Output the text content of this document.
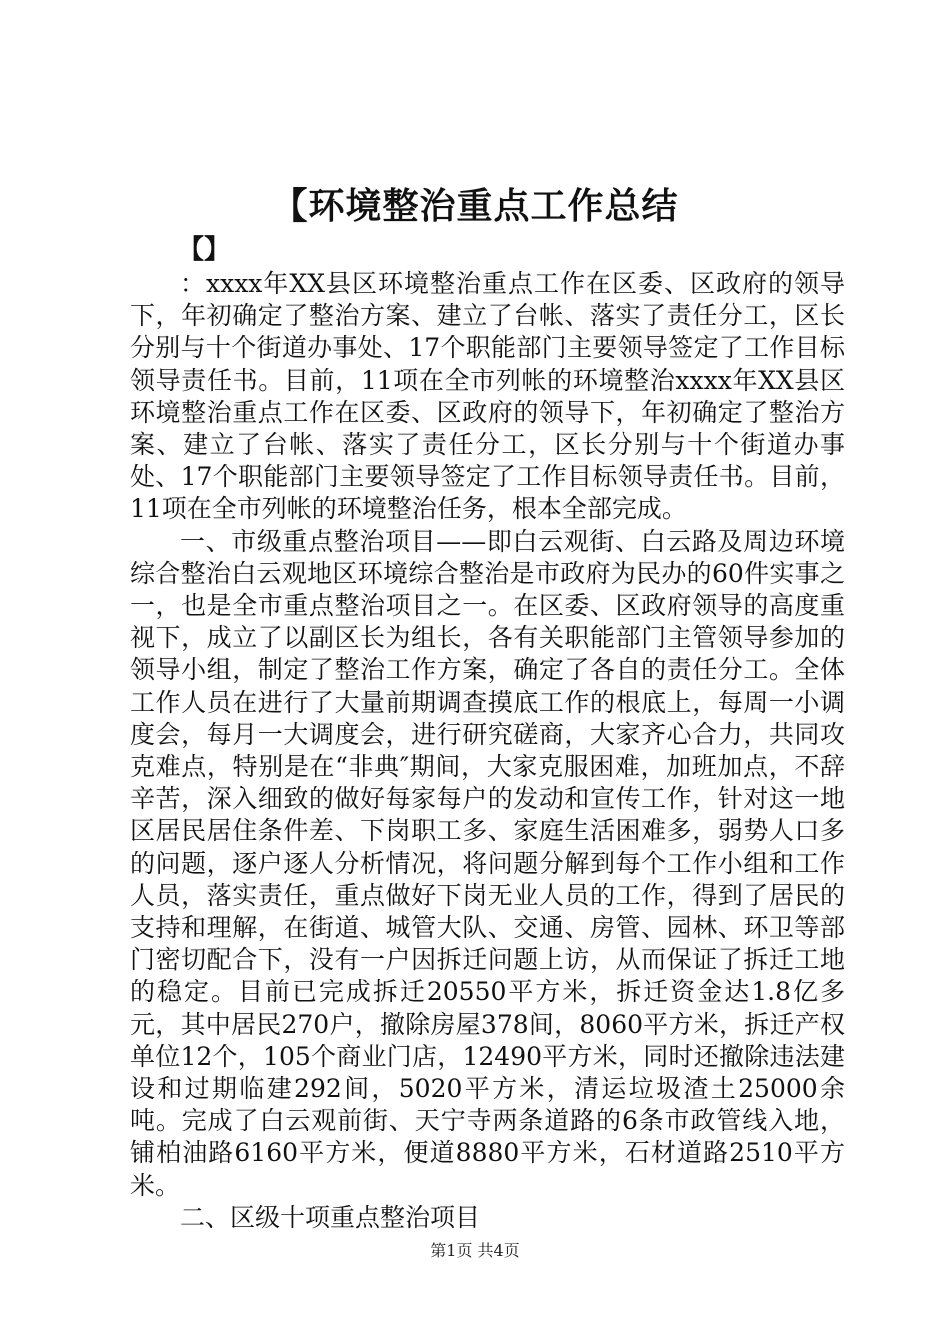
【环境整治重点工作总结
【】

：xxxx年XX县区环境整治重点工作在区委、区政府的领导下，年初确定了整治方案、建立了台帐、落实了责任分工，区长分别与十个街道办事处、17个职能部门主要领导签定了工作目标领导责任书。目前，11项在全市列帐的环境整治xxxx年XX县区环境整治重点工作在区委、区政府的领导下，年初确定了整治方案、建立了台帐、落实了责任分工，区长分别与十个街道办事处、17个职能部门主要领导签定了工作目标领导责任书。目前，11项在全市列帐的环境整治任务，根本全部完成。

一、市级重点整治项目——即白云观街、白云路及周边环境综合整治白云观地区环境综合整治是市政府为民办的60件实事之一，也是全市重点整治项目之一。在区委、区政府领导的高度重视下，成立了以副区长为组长，各有关职能部门主管领导参加的领导小组，制定了整治工作方案，确定了各自的责任分工。全体工作人员在进行了大量前期调查摸底工作的根底上，每周一小调度会，每月一大调度会，进行研究磋商，大家齐心合力，共同攻克难点，特别是在“非典″期间，大家克服困难，加班加点，不辞辛苦，深入细致的做好每家每户的发动和宣传工作，针对这一地区居民居住条件差、下岗职工多、家庭生活困难多，弱势人口多的问题，逐户逐人分析情况，将问题分解到每个工作小组和工作人员，落实责任，重点做好下岗无业人员的工作，得到了居民的支持和理解，在街道、城管大队、交通、房管、园林、环卫等部门密切配合下，没有一户因拆迁问题上访，从而保证了拆迁工地的稳定。目前已完成拆迁20550平方米，拆迁资金达1.8亿多元，其中居民270户，撤除房屋378间，8060平方米，拆迁产权单位12个，105个商业门店，12490平方米，同时还撤除违法建设和过期临建292间，5020平方米，清运垃圾渣土25000余吨。完成了白云观前街、天宁寺两条道路的6条市政管线入地，铺柏油路6160平方米，便道8880平方米，石材道路2510平方米。

二、区级十项重点整治项目

第1页 共4页
